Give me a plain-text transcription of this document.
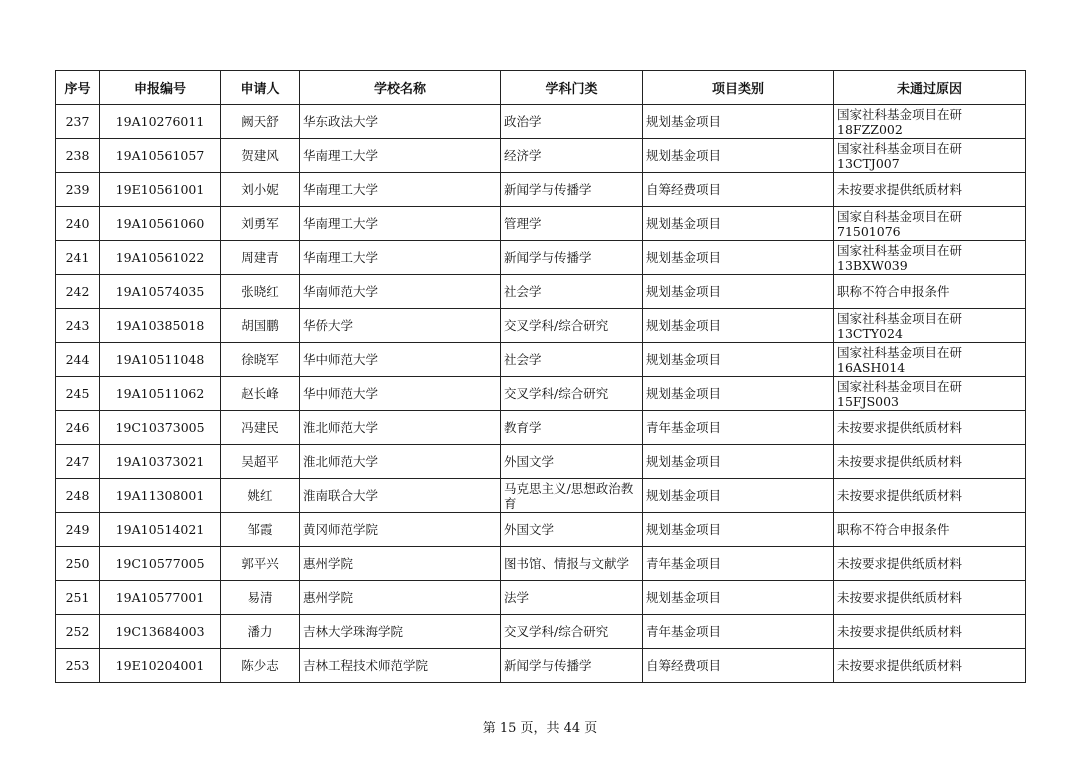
序号	申报编号	申请人	学校名称	学科门类	项目类别	未通过原因

237	19A10276011	阙天舒	华东政法大学	政治学	规划基金项目	国家社科基金项目在研 18FZZ002

238	19A10561057	贺建风	华南理工大学	经济学	规划基金项目	国家社科基金项目在研 13CTJ007

239	19E10561001	刘小妮	华南理工大学	新闻学与传播学	自筹经费项目	未按要求提供纸质材料

240	19A10561060	刘勇军	华南理工大学	管理学	规划基金项目	国家自科基金项目在研 71501076

241	19A10561022	周建青	华南理工大学	新闻学与传播学	规划基金项目	国家社科基金项目在研 13BXW039

242	19A10574035	张晓红	华南师范大学	社会学	规划基金项目	职称不符合申报条件

243	19A10385018	胡国鹏	华侨大学	交叉学科/综合研究	规划基金项目	国家社科基金项目在研 13CTY024

244	19A10511048	徐晓军	华中师范大学	社会学	规划基金项目	国家社科基金项目在研 16ASH014

245	19A10511062	赵长峰	华中师范大学	交叉学科/综合研究	规划基金项目	国家社科基金项目在研 15FJS003

246	19C10373005	冯建民	淮北师范大学	教育学	青年基金项目	未按要求提供纸质材料

247	19A10373021	吴超平	淮北师范大学	外国文学	规划基金项目	未按要求提供纸质材料

248	19A11308001	姚红	淮南联合大学	马克思主义/思想政治教育	规划基金项目	未按要求提供纸质材料

249	19A10514021	邹霞	黄冈师范学院	外国文学	规划基金项目	职称不符合申报条件

250	19C10577005	郭平兴	惠州学院	图书馆、情报与文献学	青年基金项目	未按要求提供纸质材料

251	19A10577001	易清	惠州学院	法学	规划基金项目	未按要求提供纸质材料

252	19C13684003	潘力	吉林大学珠海学院	交叉学科/综合研究	青年基金项目	未按要求提供纸质材料

253	19E10204001	陈少志	吉林工程技术师范学院	新闻学与传播学	自筹经费项目	未按要求提供纸质材料
第 15 页，共 44 页
